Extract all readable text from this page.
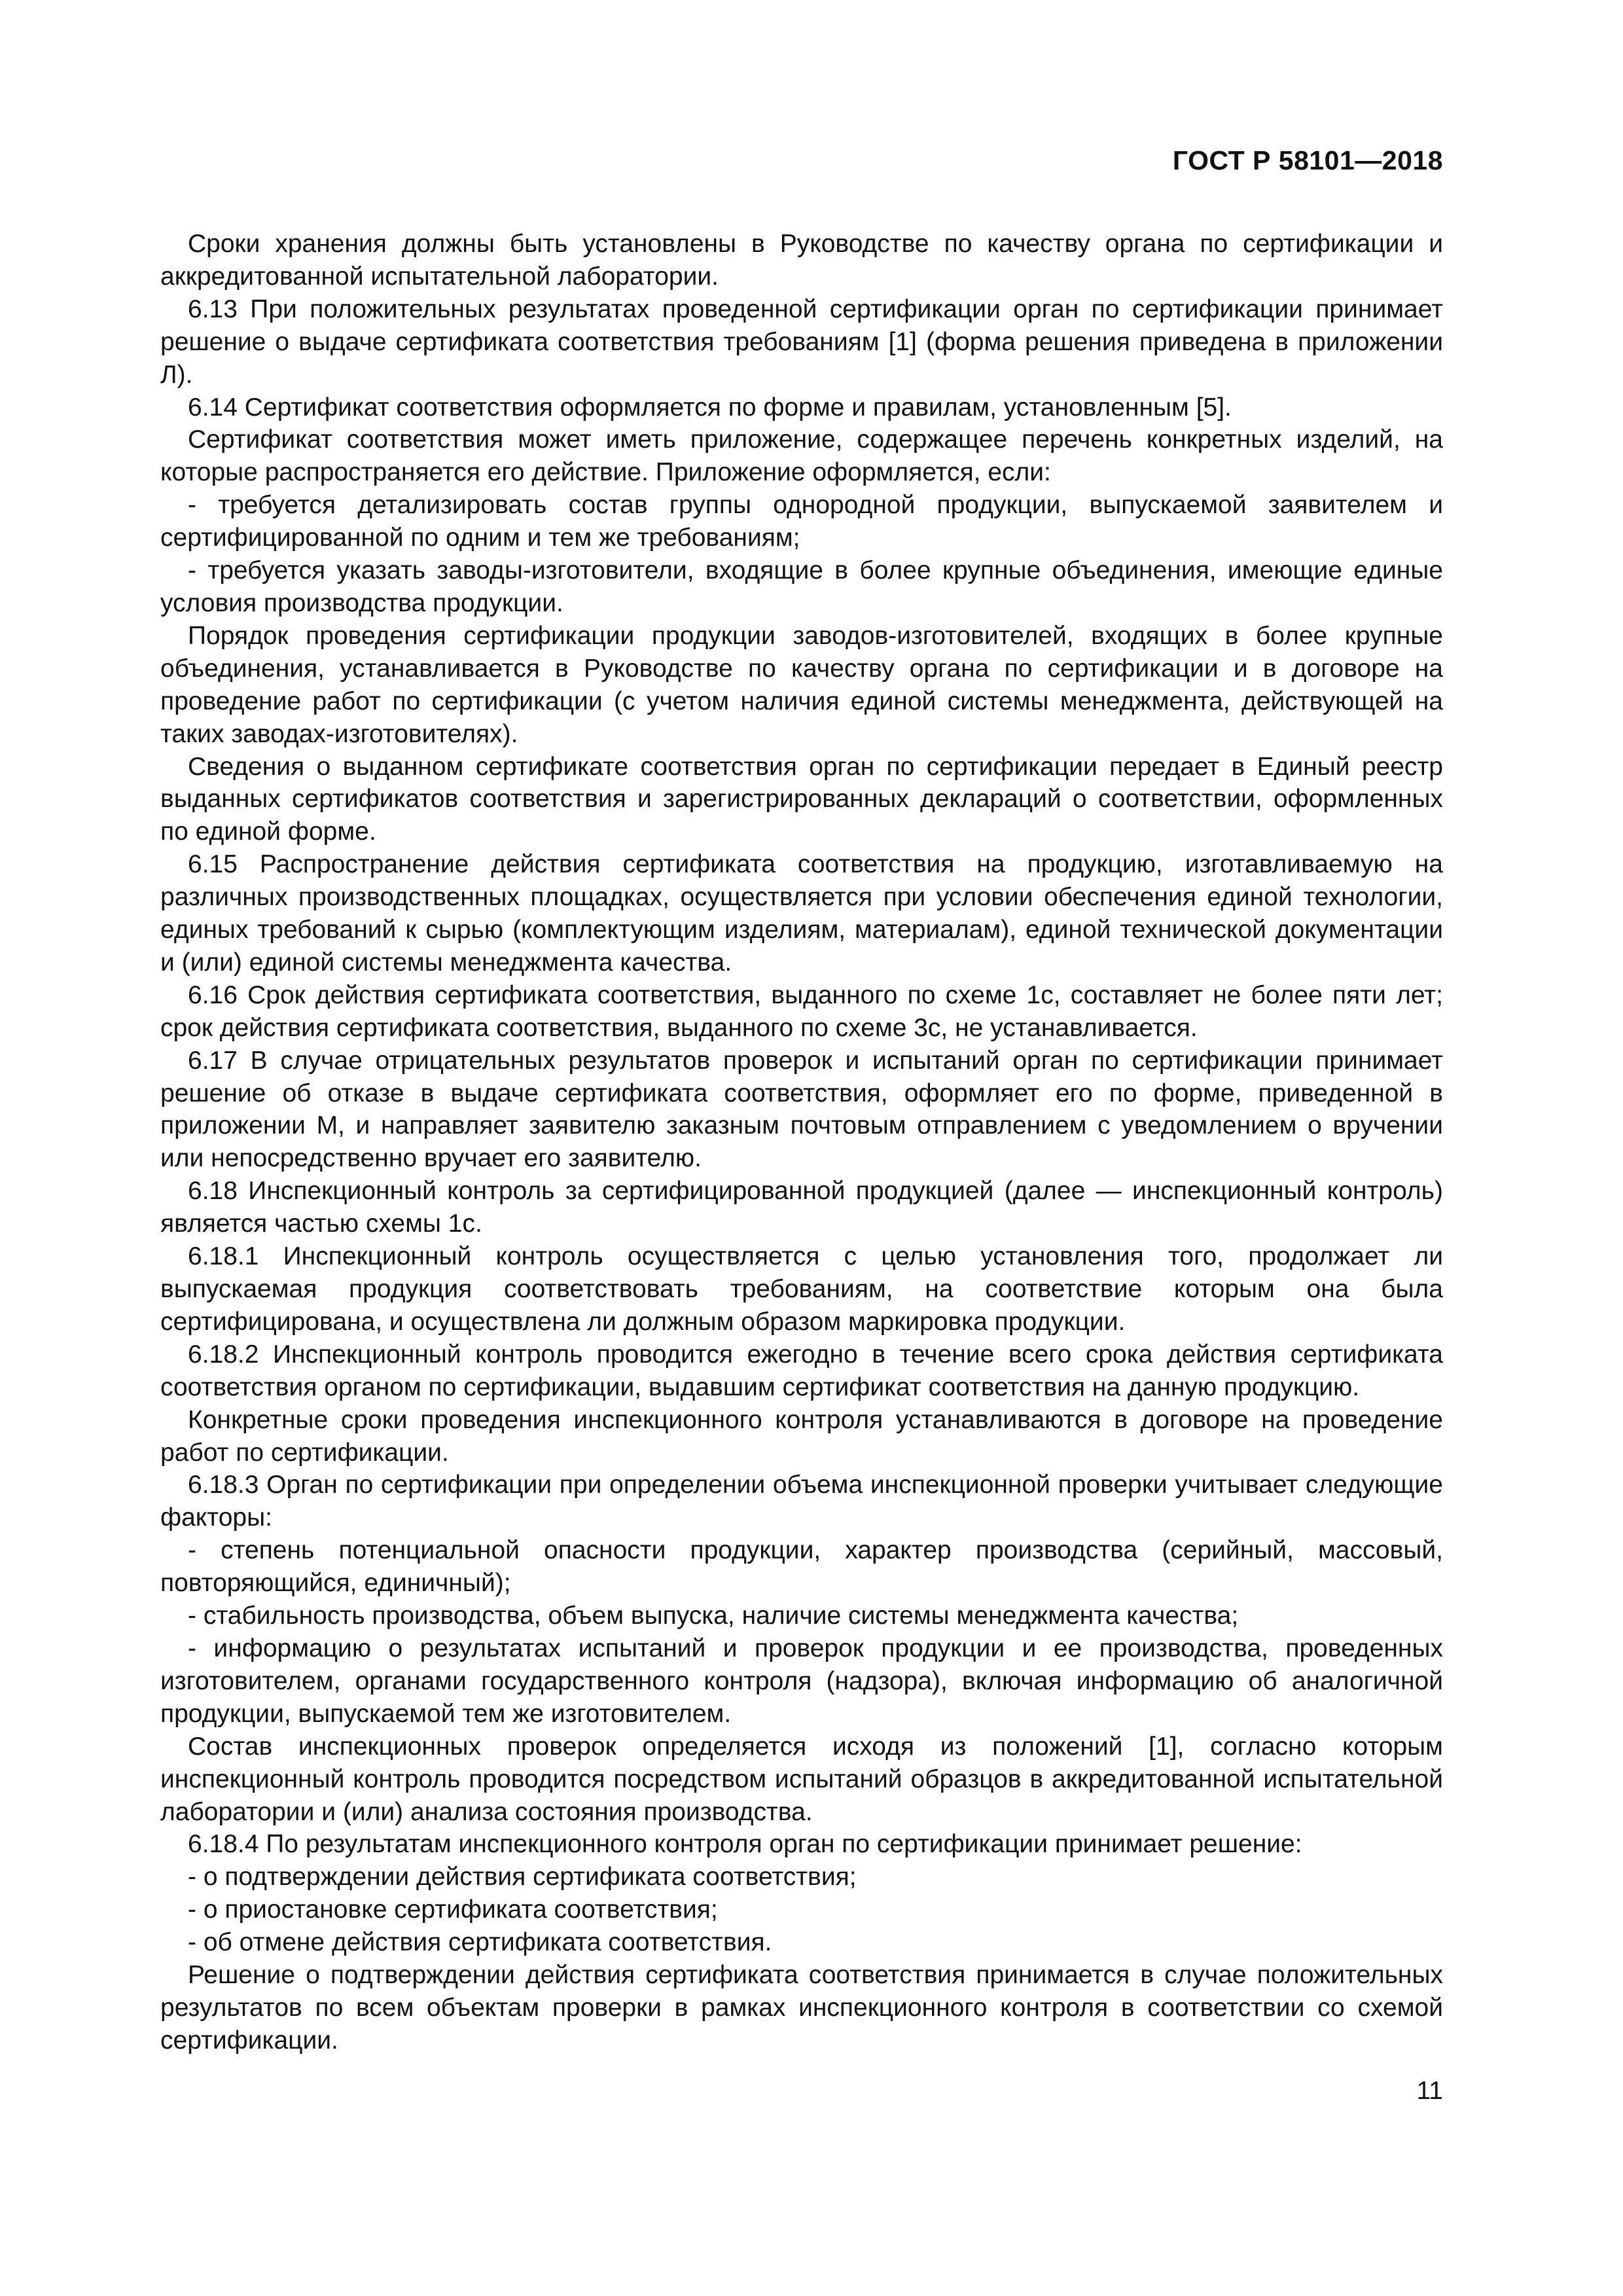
ГОСТ Р 58101—2018

Сроки хранения должны быть установлены в Руководстве по качеству органа по сертификации и аккредитованной испытательной лаборатории.

6.13 При положительных результатах проведенной сертификации орган по сертификации принимает решение о выдаче сертификата соответствия требованиям [1] (форма решения приведена в приложении Л).

6.14 Сертификат соответствия оформляется по форме и правилам, установленным [5].

Сертификат соответствия может иметь приложение, содержащее перечень конкретных изделий, на которые распространяется его действие. Приложение оформляется, если:

- требуется детализировать состав группы однородной продукции, выпускаемой заявителем и сертифицированной по одним и тем же требованиям;

- требуется указать заводы-изготовители, входящие в более крупные объединения, имеющие единые условия производства продукции.

Порядок проведения сертификации продукции заводов-изготовителей, входящих в более крупные объединения, устанавливается в Руководстве по качеству органа по сертификации и в договоре на проведение работ по сертификации (с учетом наличия единой системы менеджмента, действующей на таких заводах-изготовителях).

Сведения о выданном сертификате соответствия орган по сертификации передает в Единый реестр выданных сертификатов соответствия и зарегистрированных деклараций о соответствии, оформленных по единой форме.

6.15 Распространение действия сертификата соответствия на продукцию, изготавливаемую на различных производственных площадках, осуществляется при условии обеспечения единой технологии, единых требований к сырью (комплектующим изделиям, материалам), единой технической документации и (или) единой системы менеджмента качества.

6.16 Срок действия сертификата соответствия, выданного по схеме 1с, составляет не более пяти лет; срок действия сертификата соответствия, выданного по схеме 3с, не устанавливается.

6.17 В случае отрицательных результатов проверок и испытаний орган по сертификации принимает решение об отказе в выдаче сертификата соответствия, оформляет его по форме, приведенной в приложении М, и направляет заявителю заказным почтовым отправлением с уведомлением о вручении или непосредственно вручает его заявителю.

6.18 Инспекционный контроль за сертифицированной продукцией (далее — инспекционный контроль) является частью схемы 1с.

6.18.1 Инспекционный контроль осуществляется с целью установления того, продолжает ли выпускаемая продукция соответствовать требованиям, на соответствие которым она была сертифицирована, и осуществлена ли должным образом маркировка продукции.

6.18.2 Инспекционный контроль проводится ежегодно в течение всего срока действия сертификата соответствия органом по сертификации, выдавшим сертификат соответствия на данную продукцию.

Конкретные сроки проведения инспекционного контроля устанавливаются в договоре на проведение работ по сертификации.

6.18.3 Орган по сертификации при определении объема инспекционной проверки учитывает следующие факторы:

- степень потенциальной опасности продукции, характер производства (серийный, массовый, повторяющийся, единичный);

- стабильность производства, объем выпуска, наличие системы менеджмента качества;

- информацию о результатах испытаний и проверок продукции и ее производства, проведенных изготовителем, органами государственного контроля (надзора), включая информацию об аналогичной продукции, выпускаемой тем же изготовителем.

Состав инспекционных проверок определяется исходя из положений [1], согласно которым инспекционный контроль проводится посредством испытаний образцов в аккредитованной испытательной лаборатории и (или) анализа состояния производства.

6.18.4 По результатам инспекционного контроля орган по сертификации принимает решение:

- о подтверждении действия сертификата соответствия;

- о приостановке сертификата соответствия;

- об отмене действия сертификата соответствия.

Решение о подтверждении действия сертификата соответствия принимается в случае положительных результатов по всем объектам проверки в рамках инспекционного контроля в соответствии со схемой сертификации.

11
